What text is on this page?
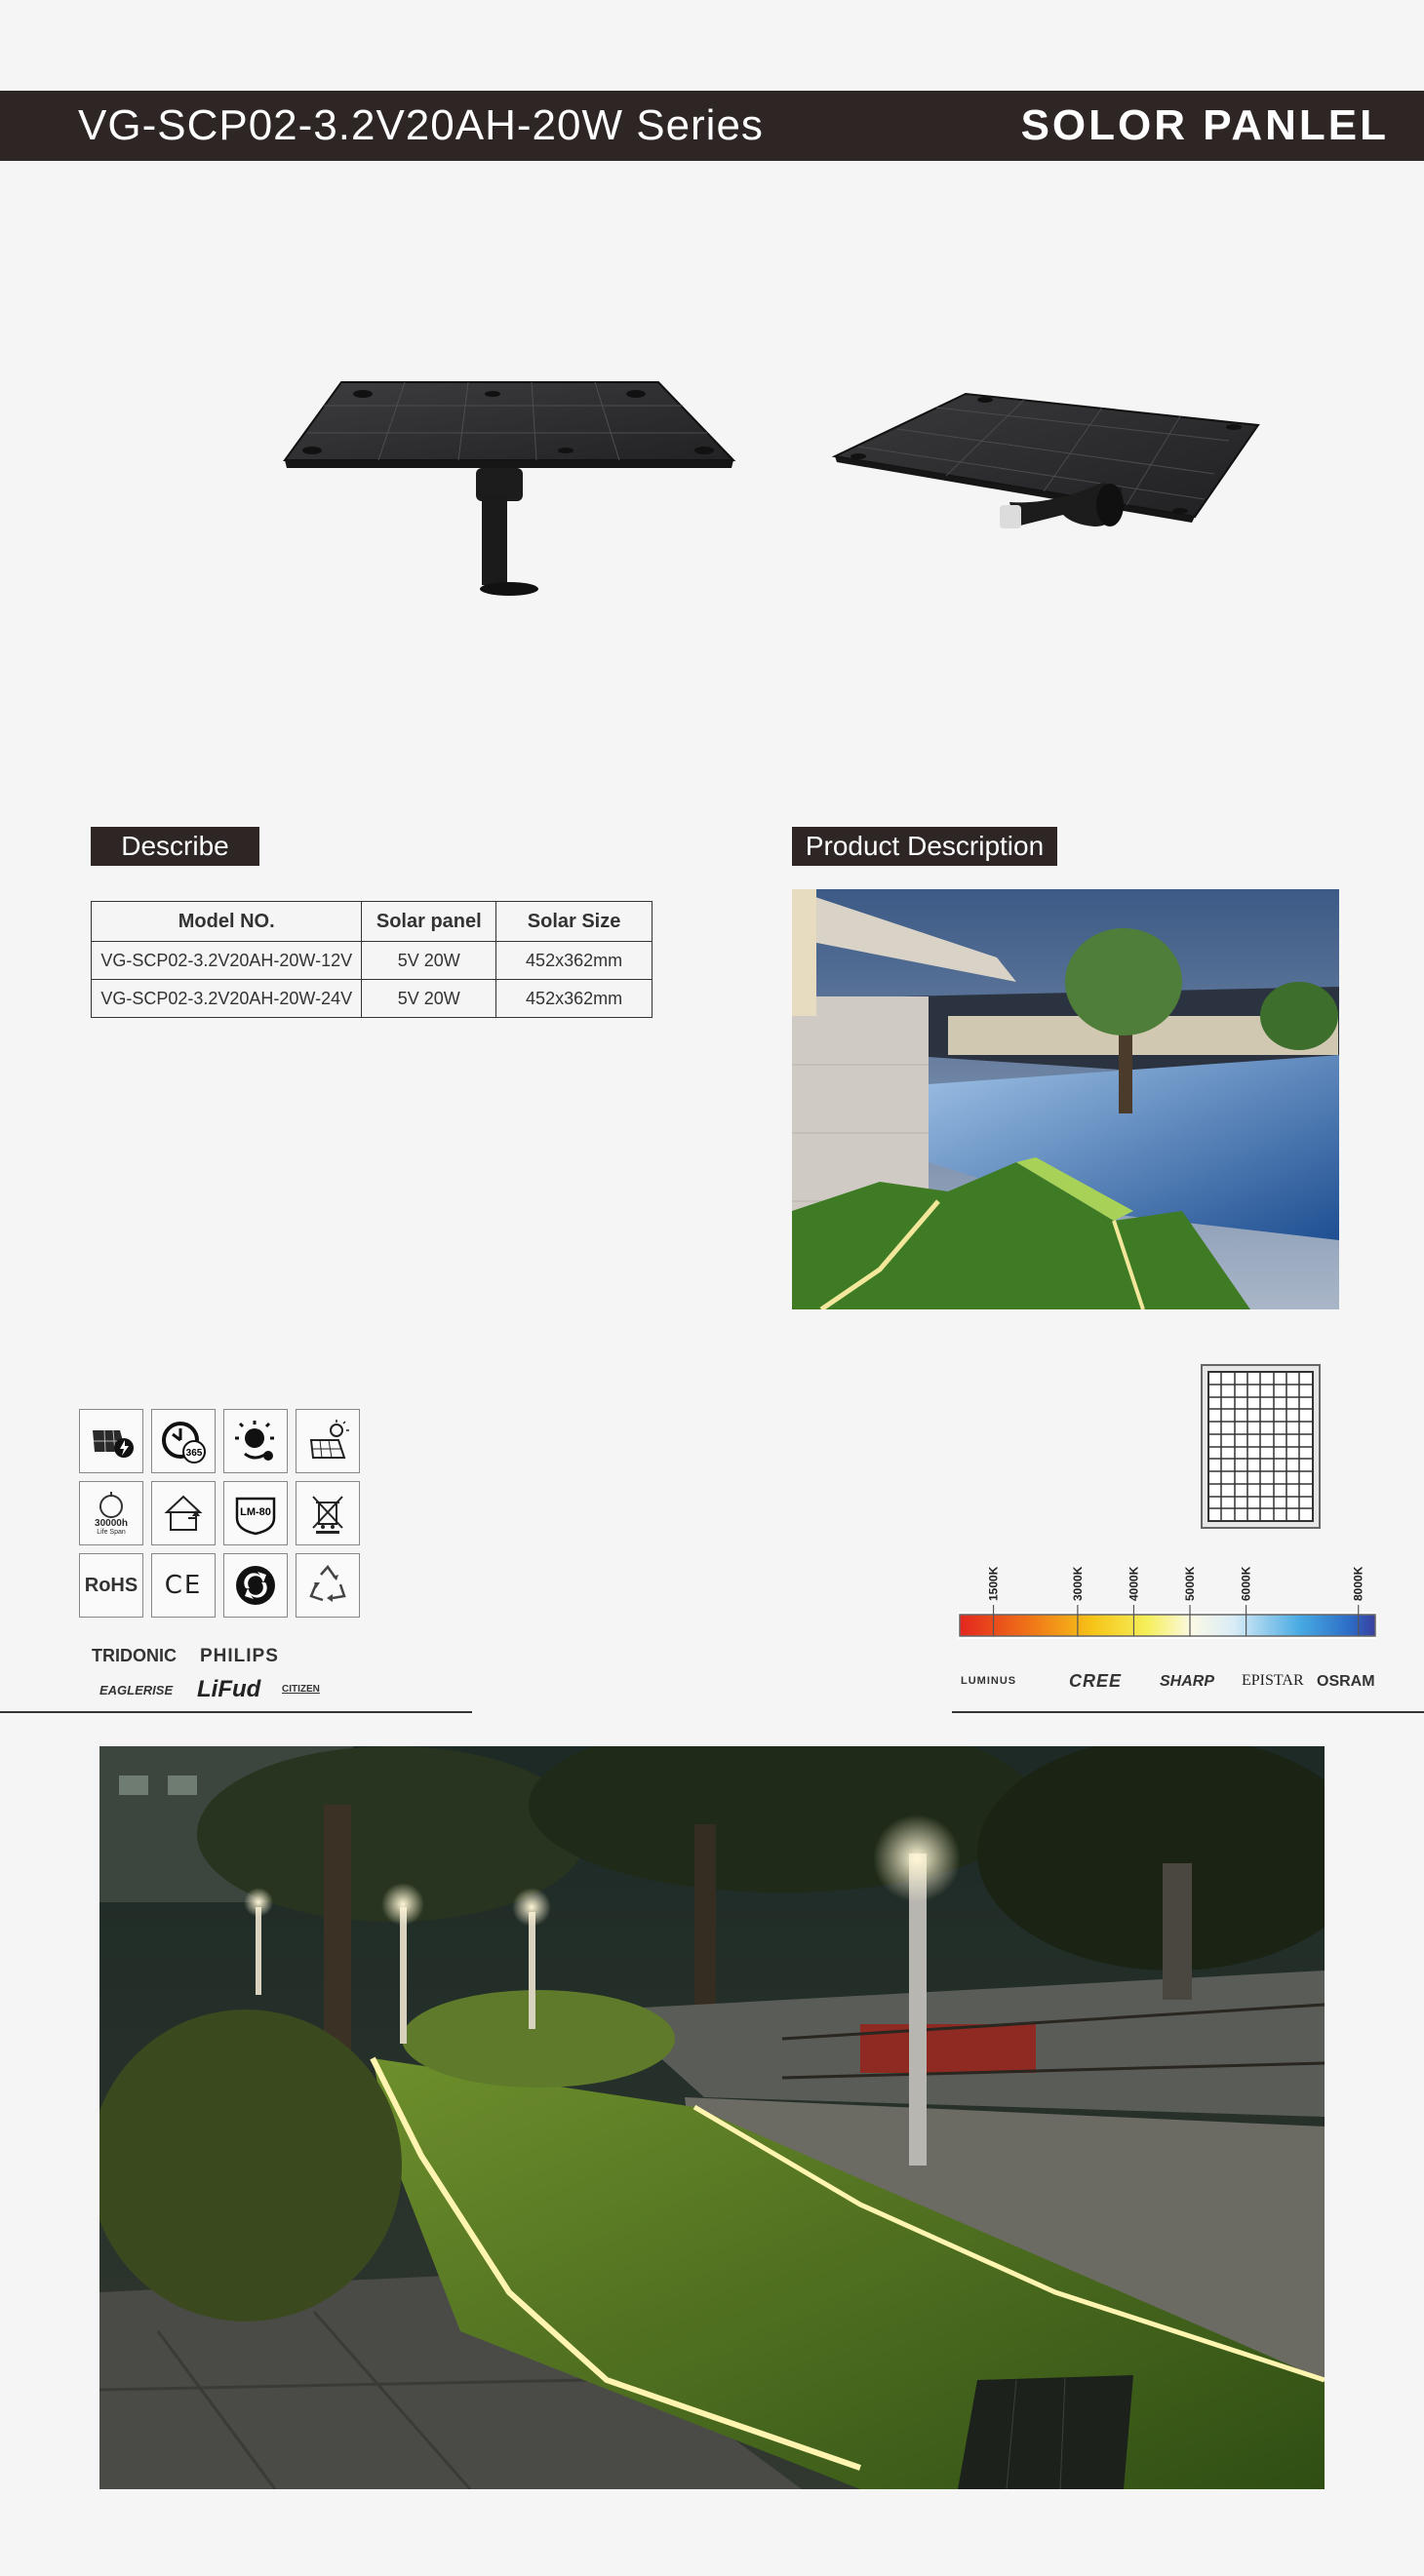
VG-SCP02-3.2V20AH-20W Series	SOLOR PANLEL
Describe
Model NO.	Solar panel	Solar Size
VG-SCP02-3.2V20AH-20W-12V	5V 20W	452x362mm
VG-SCP02-3.2V20AH-20W-24V	5V 20W	452x362mm
Product Description
365
30000h
Life Span
LM-80
RoHS CE
TRIDONIC PHILIPS
EAGLERISE LiFud CITIZEN
1500K	3000K	4000K	5000K	6000K	8000K
LUMINUS	CREE SHARP EPISTAR OSRAM
